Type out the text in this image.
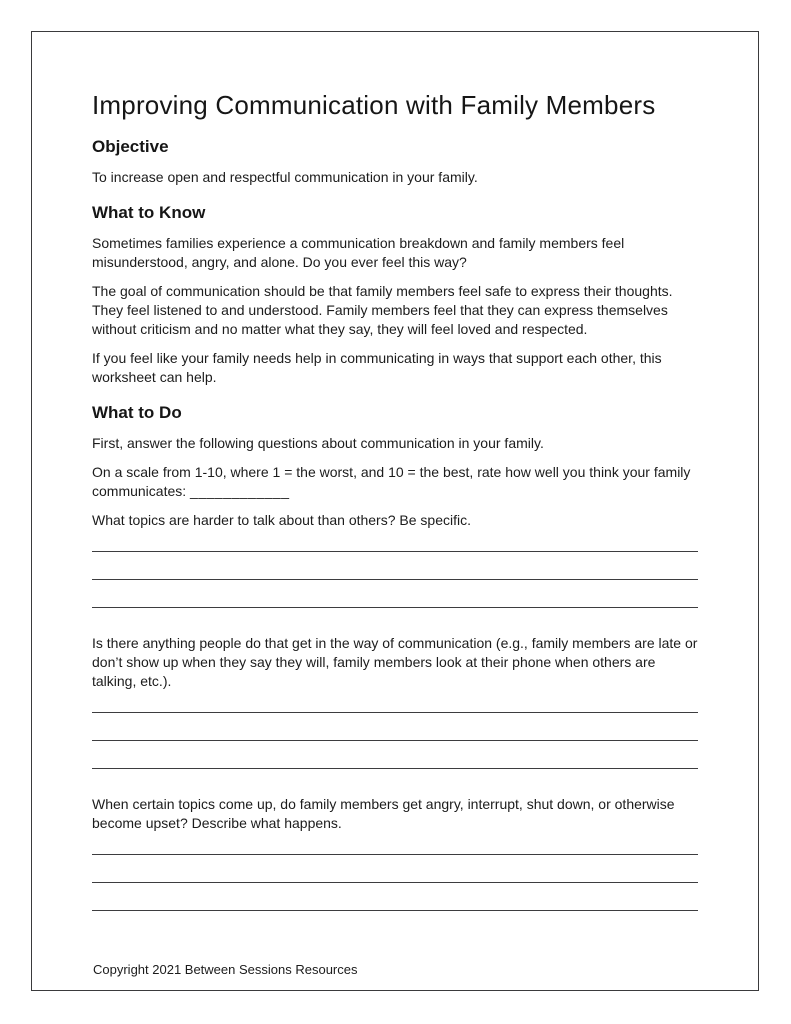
Improving Communication with Family Members
Objective

To increase open and respectful communication in your family.

What to Know

Sometimes families experience a communication breakdown and family members feel misunderstood, angry, and alone. Do you ever feel this way?

The goal of communication should be that family members feel safe to express their thoughts. They feel listened to and understood. Family members feel that they can express themselves without criticism and no matter what they say, they will feel loved and respected.

If you feel like your family needs help in communicating in ways that support each other, this worksheet can help.

What to Do

First, answer the following questions about communication in your family.

On a scale from 1-10, where 1 = the worst, and 10 = the best, rate how well you think your family communicates: ____________

What topics are harder to talk about than others? Be specific.

Is there anything people do that get in the way of communication (e.g., family members are late or don’t show up when they say they will, family members look at their phone when others are talking, etc.).

When certain topics come up, do family members get angry, interrupt, shut down, or otherwise become upset? Describe what happens.

Copyright 2021 Between Sessions Resources
